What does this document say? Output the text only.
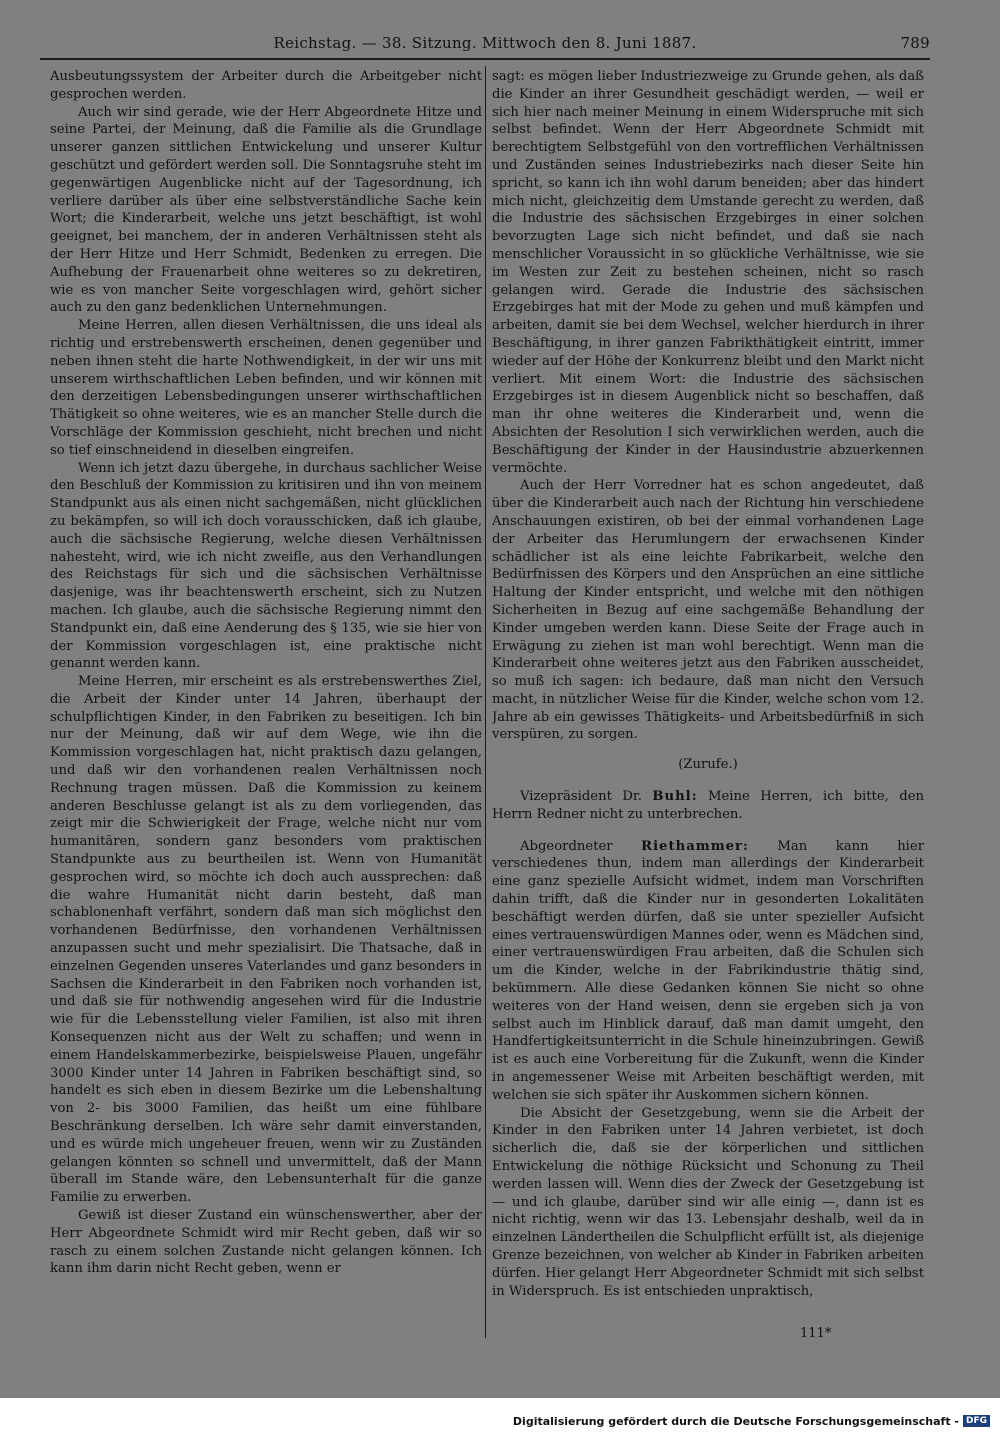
Reichstag. — 38. Sitzung. Mittwoch den 8. Juni 1887.	789

Ausbeutungssystem der Arbeiter durch die Arbeitgeber nicht gesprochen werden.

Auch wir sind gerade, wie der Herr Abgeordnete Hitze und seine Partei, der Meinung, daß die Familie als die Grundlage unserer ganzen sittlichen Entwickelung und unserer Kultur geschützt und gefördert werden soll. Die Sonntagsruhe steht im gegenwärtigen Augenblicke nicht auf der Tagesordnung, ich verliere darüber als über eine selbstverständliche Sache kein Wort; die Kinderarbeit, welche uns jetzt beschäftigt, ist wohl geeignet, bei manchem, der in anderen Verhältnissen steht als der Herr Hitze und Herr Schmidt, Bedenken zu erregen. Die Aufhebung der Frauenarbeit ohne weiteres so zu dekretiren, wie es von mancher Seite vorgeschlagen wird, gehört sicher auch zu den ganz bedenklichen Unternehmungen.

Meine Herren, allen diesen Verhältnissen, die uns ideal als richtig und erstrebenswerth erscheinen, denen gegenüber und neben ihnen steht die harte Nothwendigkeit, in der wir uns mit unserem wirthschaftlichen Leben befinden, und wir können mit den derzeitigen Lebensbedingungen unserer wirthschaftlichen Thätigkeit so ohne weiteres, wie es an mancher Stelle durch die Vorschläge der Kommission geschieht, nicht brechen und nicht so tief einschneidend in dieselben eingreifen.

Wenn ich jetzt dazu übergehe, in durchaus sachlicher Weise den Beschluß der Kommission zu kritisiren und ihn von meinem Standpunkt aus als einen nicht sachgemäßen, nicht glücklichen zu bekämpfen, so will ich doch vorausschicken, daß ich glaube, auch die sächsische Regierung, welche diesen Verhältnissen nahesteht, wird, wie ich nicht zweifle, aus den Verhandlungen des Reichstags für sich und die sächsischen Verhältnisse dasjenige, was ihr beachtenswerth erscheint, sich zu Nutzen machen. Ich glaube, auch die sächsische Regierung nimmt den Standpunkt ein, daß eine Aenderung des § 135, wie sie hier von der Kommission vorgeschlagen ist, eine praktische nicht genannt werden kann.

Meine Herren, mir erscheint es als erstrebenswerthes Ziel, die Arbeit der Kinder unter 14 Jahren, überhaupt der schulpflichtigen Kinder, in den Fabriken zu beseitigen. Ich bin nur der Meinung, daß wir auf dem Wege, wie ihn die Kommission vorgeschlagen hat, nicht praktisch dazu gelangen, und daß wir den vorhandenen realen Verhältnissen noch Rechnung tragen müssen. Daß die Kommission zu keinem anderen Beschlusse gelangt ist als zu dem vorliegenden, das zeigt mir die Schwierigkeit der Frage, welche nicht nur vom humanitären, sondern ganz besonders vom praktischen Standpunkte aus zu beurtheilen ist. Wenn von Humanität gesprochen wird, so möchte ich doch auch aussprechen: daß die wahre Humanität nicht darin besteht, daß man schablonenhaft verfährt, sondern daß man sich möglichst den vorhandenen Bedürfnisse, den vorhandenen Verhältnissen anzupassen sucht und mehr spezialisirt. Die Thatsache, daß in einzelnen Gegenden unseres Vaterlandes und ganz besonders in Sachsen die Kinderarbeit in den Fabriken noch vorhanden ist, und daß sie für nothwendig angesehen wird für die Industrie wie für die Lebensstellung vieler Familien, ist also mit ihren Konsequenzen nicht aus der Welt zu schaffen; und wenn in einem Handelskammerbezirke, beispielsweise Plauen, ungefähr 3000 Kinder unter 14 Jahren in Fabriken beschäftigt sind, so handelt es sich eben in diesem Bezirke um die Lebenshaltung von 2- bis 3000 Familien, das heißt um eine fühlbare Beschränkung derselben. Ich wäre sehr damit einverstanden, und es würde mich ungeheuer freuen, wenn wir zu Zuständen gelangen könnten so schnell und unvermittelt, daß der Mann überall im Stande wäre, den Lebensunterhalt für die ganze Familie zu erwerben.

Gewiß ist dieser Zustand ein wünschenswerther, aber der Herr Abgeordnete Schmidt wird mir Recht geben, daß wir so rasch zu einem solchen Zustande nicht gelangen können. Ich kann ihm darin nicht Recht geben, wenn er

sagt: es mögen lieber Industriezweige zu Grunde gehen, als daß die Kinder an ihrer Gesundheit geschädigt werden, — weil er sich hier nach meiner Meinung in einem Widerspruche mit sich selbst befindet. Wenn der Herr Abgeordnete Schmidt mit berechtigtem Selbstgefühl von den vortrefflichen Verhältnissen und Zuständen seines Industriebezirks nach dieser Seite hin spricht, so kann ich ihn wohl darum beneiden; aber das hindert mich nicht, gleichzeitig dem Umstande gerecht zu werden, daß die Industrie des sächsischen Erzgebirges in einer solchen bevorzugten Lage sich nicht befindet, und daß sie nach menschlicher Voraussicht in so glückliche Verhältnisse, wie sie im Westen zur Zeit zu bestehen scheinen, nicht so rasch gelangen wird. Gerade die Industrie des sächsischen Erzgebirges hat mit der Mode zu gehen und muß kämpfen und arbeiten, damit sie bei dem Wechsel, welcher hierdurch in ihrer Beschäftigung, in ihrer ganzen Fabrikthätigkeit eintritt, immer wieder auf der Höhe der Konkurrenz bleibt und den Markt nicht verliert. Mit einem Wort: die Industrie des sächsischen Erzgebirges ist in diesem Augenblick nicht so beschaffen, daß man ihr ohne weiteres die Kinderarbeit und, wenn die Absichten der Resolution I sich verwirklichen werden, auch die Beschäftigung der Kinder in der Hausindustrie abzuerkennen vermöchte.

Auch der Herr Vorredner hat es schon angedeutet, daß über die Kinderarbeit auch nach der Richtung hin verschiedene Anschauungen existiren, ob bei der einmal vorhandenen Lage der Arbeiter das Herumlungern der erwachsenen Kinder schädlicher ist als eine leichte Fabrikarbeit, welche den Bedürfnissen des Körpers und den Ansprüchen an eine sittliche Haltung der Kinder entspricht, und welche mit den nöthigen Sicherheiten in Bezug auf eine sachgemäße Behandlung der Kinder umgeben werden kann. Diese Seite der Frage auch in Erwägung zu ziehen ist man wohl berechtigt. Wenn man die Kinderarbeit ohne weiteres jetzt aus den Fabriken ausscheidet, so muß ich sagen: ich bedaure, daß man nicht den Versuch macht, in nützlicher Weise für die Kinder, welche schon vom 12. Jahre ab ein gewisses Thätigkeits- und Arbeitsbedürfniß in sich verspüren, zu sorgen.

(Zurufe.)

Vizepräsident Dr. Buhl: Meine Herren, ich bitte, den Herrn Redner nicht zu unterbrechen.

Abgeordneter Riethammer: Man kann hier verschiedenes thun, indem man allerdings der Kinderarbeit eine ganz spezielle Aufsicht widmet, indem man Vorschriften dahin trifft, daß die Kinder nur in gesonderten Lokalitäten beschäftigt werden dürfen, daß sie unter spezieller Aufsicht eines vertrauenswürdigen Mannes oder, wenn es Mädchen sind, einer vertrauenswürdigen Frau arbeiten, daß die Schulen sich um die Kinder, welche in der Fabrikindustrie thätig sind, bekümmern. Alle diese Gedanken können Sie nicht so ohne weiteres von der Hand weisen, denn sie ergeben sich ja von selbst auch im Hinblick darauf, daß man damit umgeht, den Handfertigkeitsunterricht in die Schule hineinzubringen. Gewiß ist es auch eine Vorbereitung für die Zukunft, wenn die Kinder in angemessener Weise mit Arbeiten beschäftigt werden, mit welchen sie sich später ihr Auskommen sichern können.

Die Absicht der Gesetzgebung, wenn sie die Arbeit der Kinder in den Fabriken unter 14 Jahren verbietet, ist doch sicherlich die, daß sie der körperlichen und sittlichen Entwickelung die nöthige Rücksicht und Schonung zu Theil werden lassen will. Wenn dies der Zweck der Gesetzgebung ist — und ich glaube, darüber sind wir alle einig —, dann ist es nicht richtig, wenn wir das 13. Lebensjahr deshalb, weil da in einzelnen Ländertheilen die Schulpflicht erfüllt ist, als diejenige Grenze bezeichnen, von welcher ab Kinder in Fabriken arbeiten dürfen. Hier gelangt Herr Abgeordneter Schmidt mit sich selbst in Widerspruch. Es ist entschieden unpraktisch,

111*
Digitalisierung gefördert durch die Deutsche Forschungsgemeinschaft - DFG
